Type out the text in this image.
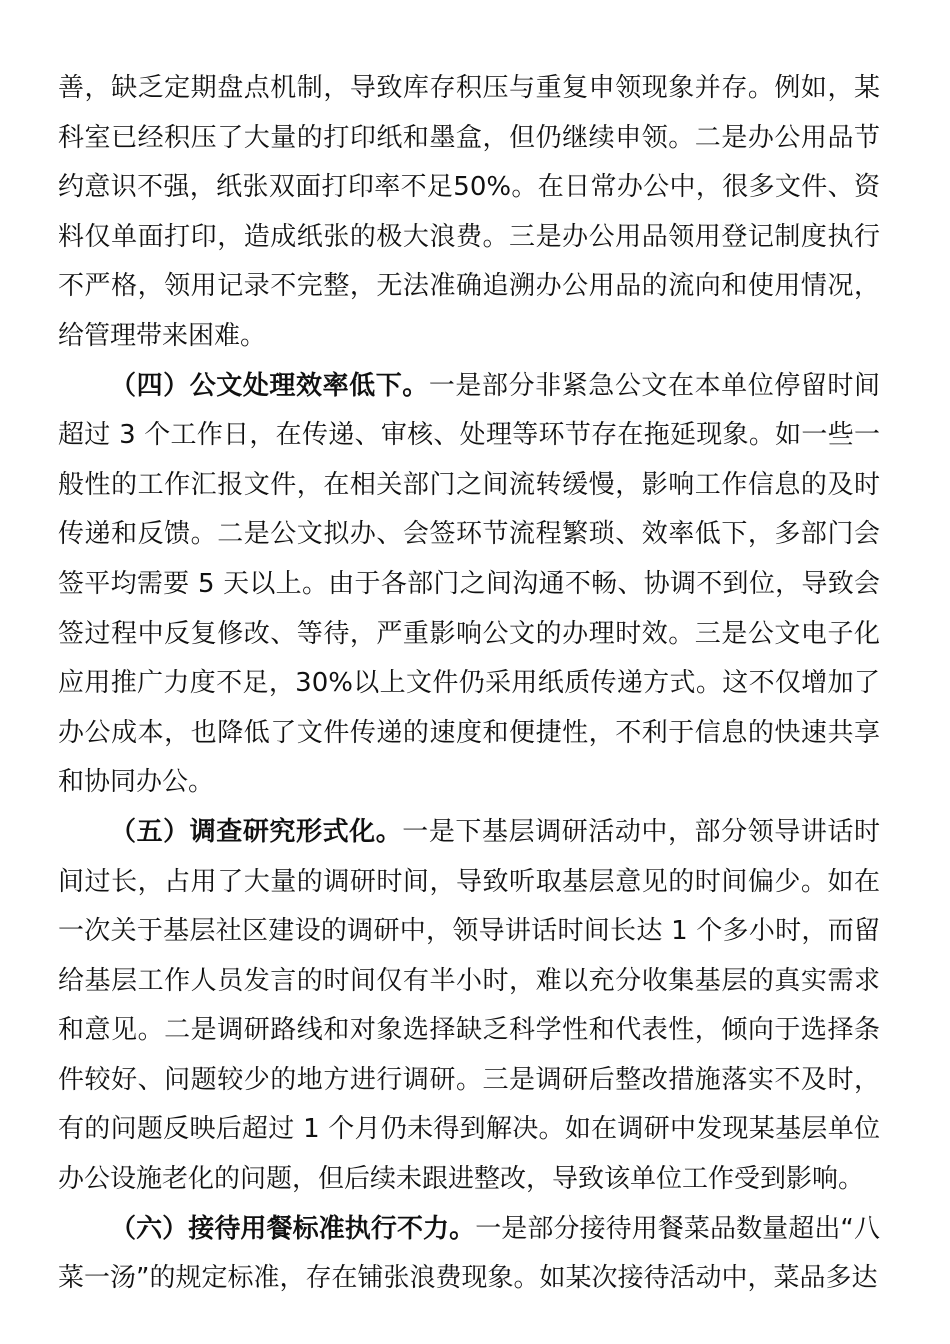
善，缺乏定期盘点机制，导致库存积压与重复申领现象并存。例如，某科室已经积压了大量的打印纸和墨盒，但仍继续申领。二是办公用品节约意识不强，纸张双面打印率不足50%。在日常办公中，很多文件、资料仅单面打印，造成纸张的极大浪费。三是办公用品领用登记制度执行不严格，领用记录不完整，无法准确追溯办公用品的流向和使用情况，给管理带来困难。

（四）公文处理效率低下。一是部分非紧急公文在本单位停留时间超过 3 个工作日，在传递、审核、处理等环节存在拖延现象。如一些一般性的工作汇报文件，在相关部门之间流转缓慢，影响工作信息的及时传递和反馈。二是公文拟办、会签环节流程繁琐、效率低下，多部门会签平均需要 5 天以上。由于各部门之间沟通不畅、协调不到位，导致会签过程中反复修改、等待，严重影响公文的办理时效。三是公文电子化应用推广力度不足，30%以上文件仍采用纸质传递方式。这不仅增加了办公成本，也降低了文件传递的速度和便捷性，不利于信息的快速共享和协同办公。

（五）调查研究形式化。一是下基层调研活动中，部分领导讲话时间过长，占用了大量的调研时间，导致听取基层意见的时间偏少。如在一次关于基层社区建设的调研中，领导讲话时间长达 1 个多小时，而留给基层工作人员发言的时间仅有半小时，难以充分收集基层的真实需求和意见。二是调研路线和对象选择缺乏科学性和代表性，倾向于选择条件较好、问题较少的地方进行调研。三是调研后整改措施落实不及时，有的问题反映后超过 1 个月仍未得到解决。如在调研中发现某基层单位办公设施老化的问题，但后续未跟进整改，导致该单位工作受到影响。

（六）接待用餐标准执行不力。一是部分接待用餐菜品数量超出“八菜一汤”的规定标准，存在铺张浪费现象。如某次接待活动中，菜品多达
